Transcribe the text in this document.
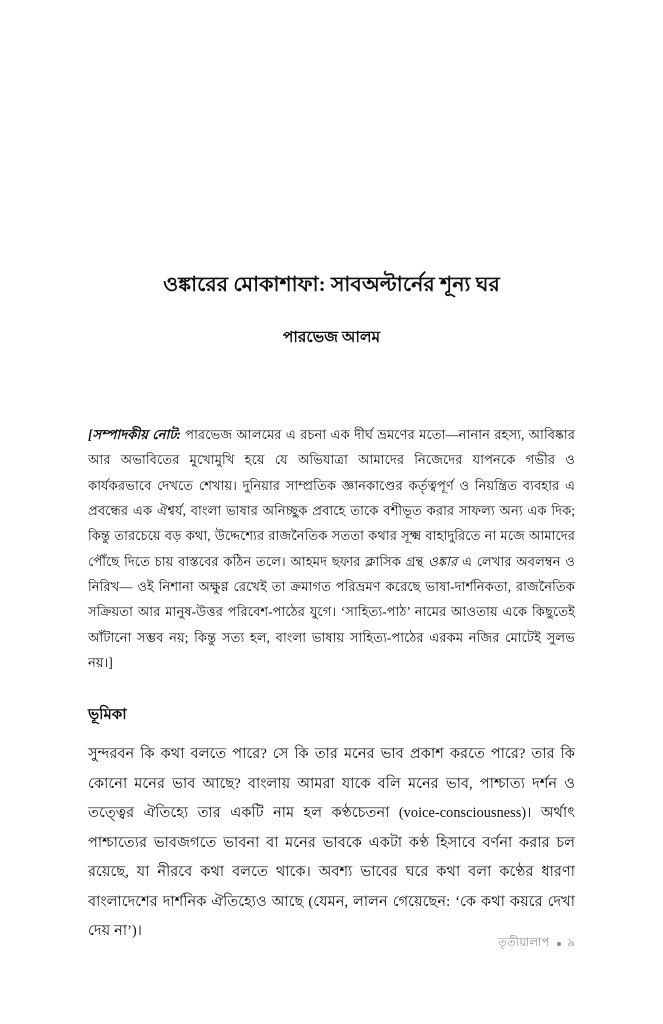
ওঙ্কারের মোকাশাফা: সাবঅল্টার্নের শূন্য ঘর
পারভেজ আলম
[সম্পাদকীয় নোট: পারভেজ আলমের এ রচনা এক দীর্ঘ ভ্রমণের মতো—নানান রহস্য, আবিষ্কার আর অভাবিতের মুখোমুখি হয়ে যে অভিযাত্রা আমাদের নিজেদের যাপনকে গভীর ও কার্যকরভাবে দেখতে শেখায়। দুনিয়ার সাম্প্রতিক জ্ঞানকাণ্ডের কর্তৃত্বপূর্ণ ও নিয়ন্ত্রিত ব্যবহার এ প্রবন্ধের এক ঐশ্বর্য, বাংলা ভাষার অনিচ্ছুক প্রবাহে তাকে বশীভূত করার সাফল্য অন্য এক দিক; কিন্তু তারচেয়ে বড় কথা, উদ্দেশ্যের রাজনৈতিক সততা কথার সূক্ষ্ম বাহাদুরিতে না মজে আমাদের পৌঁছে দিতে চায় বাস্তবের কঠিন তলে। আহমদ ছফার ক্লাসিক গ্রন্থ ওঙ্কার এ লেখার অবলম্বন ও নিরিখ— ওই নিশানা অক্ষুণ্ণ রেখেই তা ক্রমাগত পরিভ্রমণ করেছে ভাষা-দার্শনিকতা, রাজনৈতিক সক্রিয়তা আর মানুষ-উত্তর পরিবেশ-পাঠের যুগে। ‘সাহিত্য-পাঠ’ নামের আওতায় একে কিছুতেই আঁটানো সম্ভব নয়; কিন্তু সত্য হল, বাংলা ভাষায় সাহিত্য-পাঠের এরকম নজির মোটেই সুলভ নয়।]
ভূমিকা

সুন্দরবন কি কথা বলতে পারে? সে কি তার মনের ভাব প্রকাশ করতে পারে? তার কি কোনো মনের ভাব আছে? বাংলায় আমরা যাকে বলি মনের ভাব, পাশ্চাত্য দর্শন ও তত্ত্বের ঐতিহ্যে তার একটি নাম হল কণ্ঠচেতনা (voice-consciousness)। অর্থাৎ পাশ্চাত্যের ভাবজগতে ভাবনা বা মনের ভাবকে একটা কণ্ঠ হিসাবে বর্ণনা করার চল রয়েছে, যা নীরবে কথা বলতে থাকে। অবশ্য ভাবের ঘরে কথা বলা কণ্ঠের ধারণা বাংলাদেশের দার্শনিক ঐতিহ্যেও আছে (যেমন, লালন গেয়েছেন: ‘কে কথা কয়রে দেখা দেয় না’)।

তৃতীয়ালাপ ৯
